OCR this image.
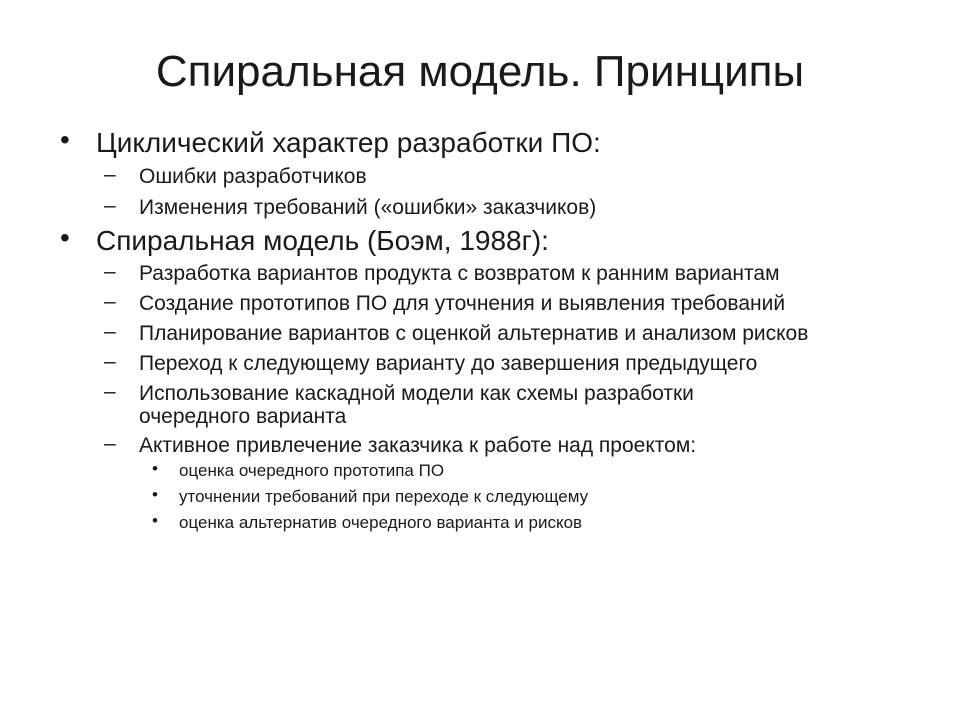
Спиральная модель. Принципы
• Циклический характер разработки ПО:
– Ошибки разработчиков
– Изменения требований («ошибки» заказчиков)
• Спиральная модель (Боэм, 1988г):
– Разработка вариантов продукта с возвратом к ранним вариантам
– Создание прототипов ПО для уточнения и выявления требований
– Планирование вариантов с оценкой альтернатив и анализом рисков
– Переход к следующему варианту до завершения предыдущего
– Использование каскадной модели как схемы разработки
очередного варианта
– Активное привлечение заказчика к работе над проектом:
• оценка очередного прототипа ПО
• уточнении требований при переходе к следующему
• оценка альтернатив очередного варианта и рисков
